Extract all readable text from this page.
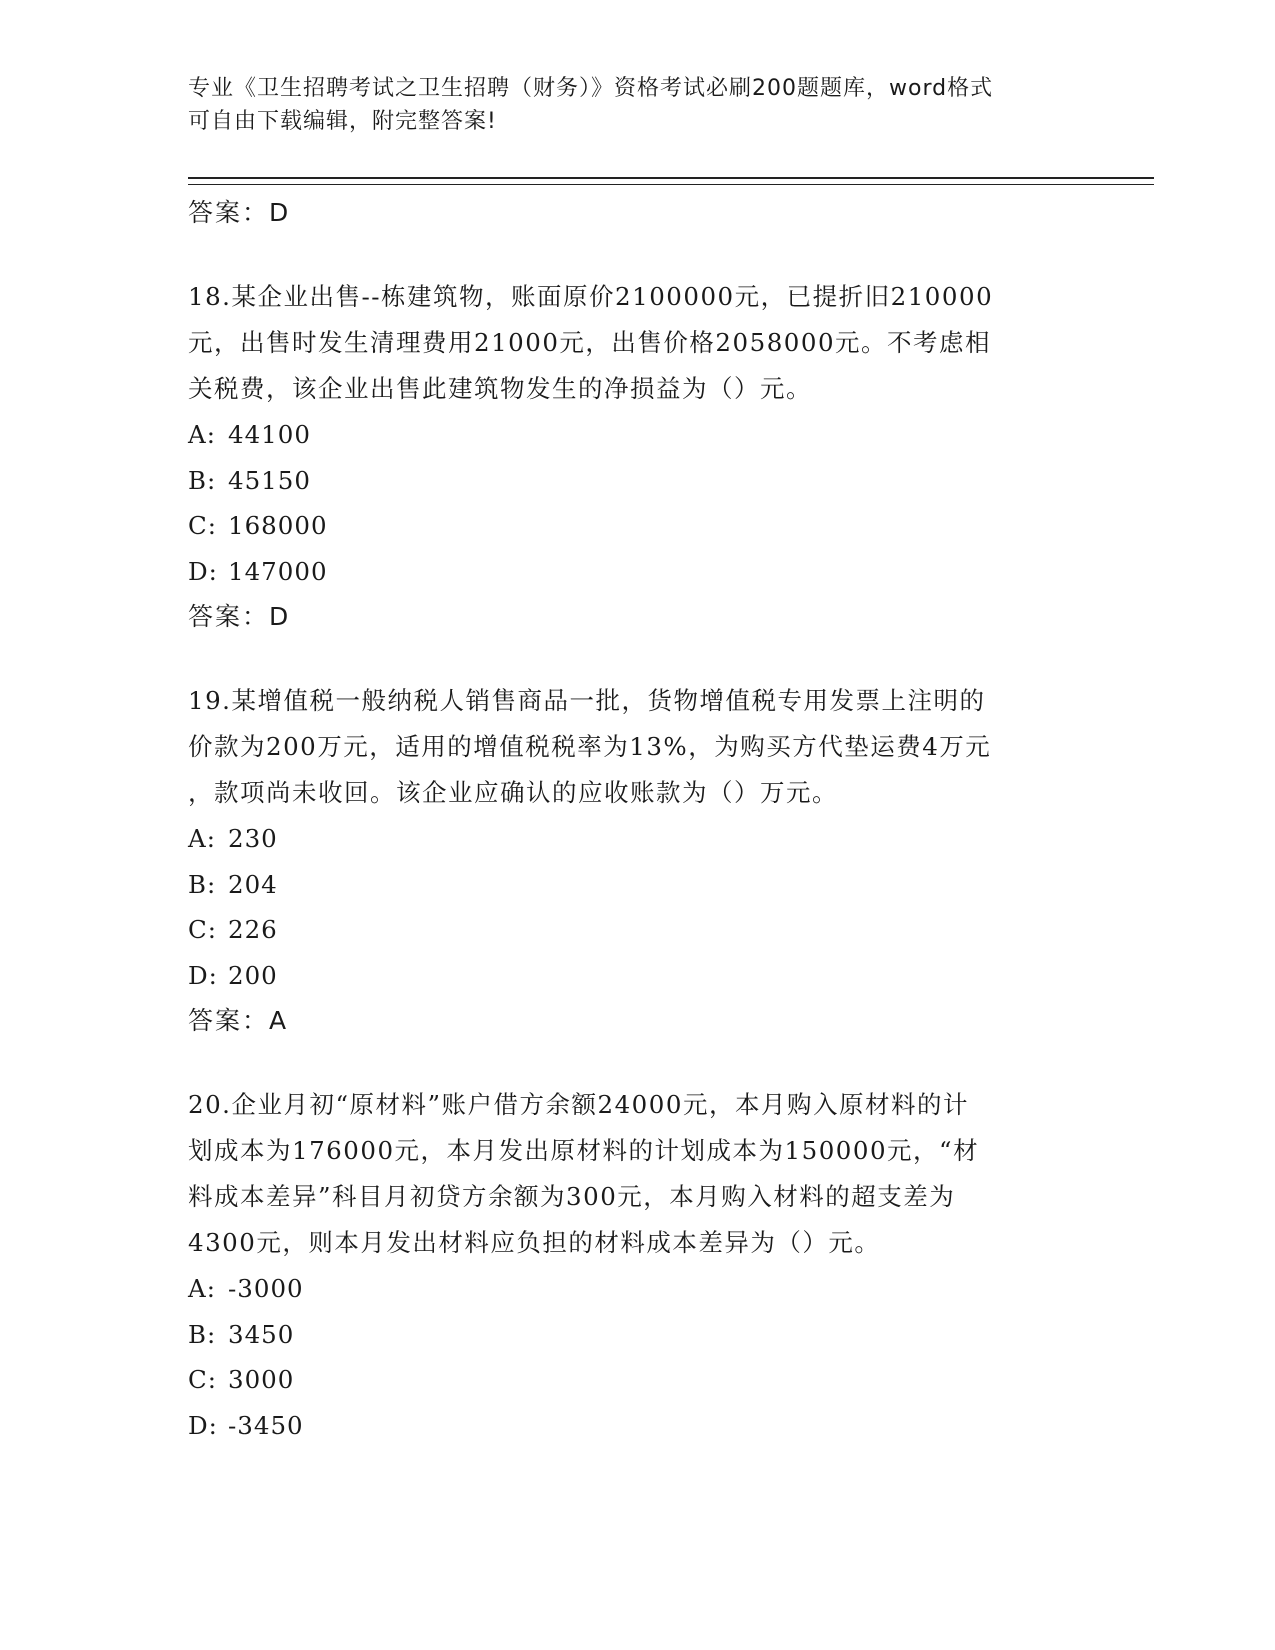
专业《卫生招聘考试之卫生招聘（财务）》资格考试必刷200题题库，word格式
可自由下载编辑，附完整答案!
答案：D
18.某企业出售--栋建筑物，账面原价2100000元，已提折旧210000
元，出售时发生清理费用21000元，出售价格2058000元。不考虑相
关税费，该企业出售此建筑物发生的净损益为（）元。
A: 44100
B: 45150
C: 168000
D: 147000
答案：D
19.某增值税一般纳税人销售商品一批，货物增值税专用发票上注明的
价款为200万元，适用的增值税税率为13%，为购买方代垫运费4万元
，款项尚未收回。该企业应确认的应收账款为（）万元。
A: 230
B: 204
C: 226
D: 200
答案：A
20.企业月初“原材料”账户借方余额24000元，本月购入原材料的计
划成本为176000元，本月发出原材料的计划成本为150000元，“材
料成本差异”科目月初贷方余额为300元，本月购入材料的超支差为
4300元，则本月发出材料应负担的材料成本差异为（）元。
A: -3000
B: 3450
C: 3000
D: -3450
